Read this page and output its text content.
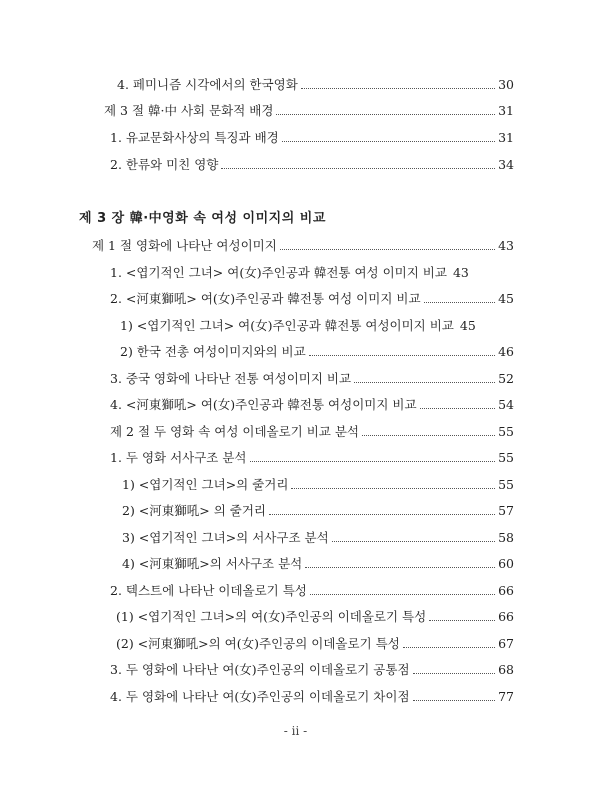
4. 페미니즘 시각에서의 한국영화	30
제 3 절 韓·中 사회 문화적 배경	31
1. 유교문화사상의 특징과 배경	31
2. 한류와 미친 영향	34
제 3 장 韓·中영화 속 여성 이미지의 비교
제 1 절 영화에 나타난 여성이미지	43
1. <엽기적인 그녀> 여(女)주인공과 韓전통 여성 이미지 비교 43
2. <河東獅吼> 여(女)주인공과 韓전통 여성 이미지 비교	45
1) <엽기적인 그녀> 여(女)주인공과 韓전통 여성이미지 비교 45
2) 한국 전총 여성이미지와의 비교	46
3. 중국 영화에 나타난 전통 여성이미지 비교	52
4. <河東獅吼> 여(女)주인공과 韓전통 여성이미지 비교	54
제 2 절 두 영화 속 여성 이데올로기 비교 분석	55
1. 두 영화 서사구조 분석	55
1) <엽기적인 그녀>의 줄거리	55
2) <河東獅吼> 의 줄거리	57
3) <엽기적인 그녀>의 서사구조 분석	58
4) <河東獅吼>의 서사구조 분석	60
2. 텍스트에 나타난 이데올로기 특성	66
(1) <엽기적인 그녀>의 여(女)주인공의 이데올로기 특성	66
(2) <河東獅吼>의 여(女)주인공의 이데올로기 특성	67
3. 두 영화에 나타난 여(女)주인공의 이데올로기 공통점	68
4. 두 영화에 나타난 여(女)주인공의 이데올로기 차이점	77
- ii -
